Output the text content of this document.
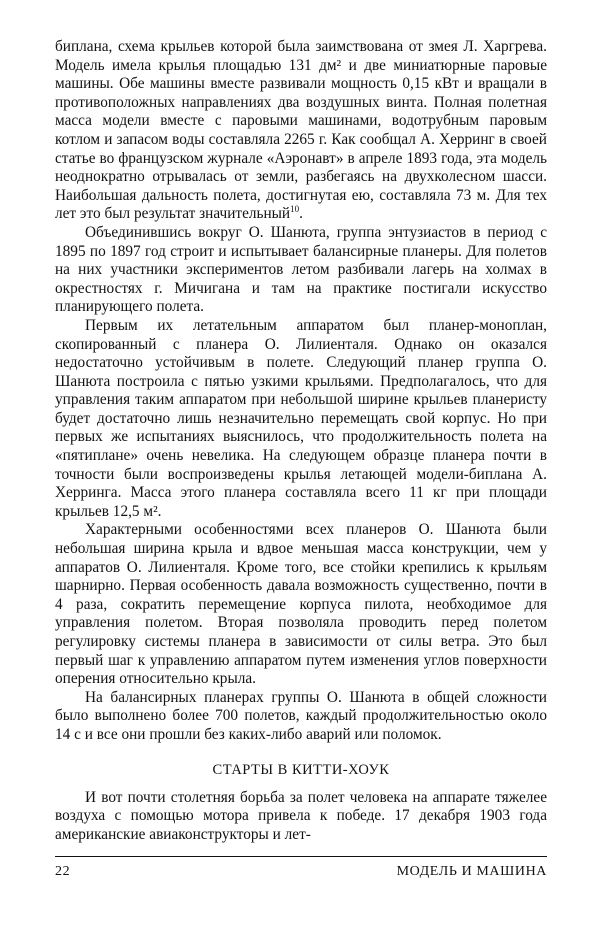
биплана, схема крыльев которой была заимствована от змея Л. Харгрева. Модель имела крылья площадью 131 дм² и две миниатюрные паровые машины. Обе машины вместе развивали мощность 0,15 кВт и вращали в противоположных направлениях два воздушных винта. Полная полетная масса модели вместе с паровыми машинами, водотрубным паровым котлом и запасом воды составляла 2265 г. Как сообщал А. Херринг в своей статье во французском журнале «Аэронавт» в апреле 1893 года, эта модель неоднократно отрывалась от земли, разбегаясь на двухколесном шасси. Наибольшая дальность полета, достигнутая ею, составляла 73 м. Для тех лет это был результат значительный$^{10}$.

Объединившись вокруг О. Шанюта, группа энтузиастов в период с 1895 по 1897 год строит и испытывает балансирные планеры. Для полетов на них участники экспериментов летом разбивали лагерь на холмах в окрестностях г. Мичигана и там на практике постигали искусство планирующего полета.

Первым их летательным аппаратом был планер-моноплан, скопированный с планера О. Лилиенталя. Однако он оказался недостаточно устойчивым в полете. Следующий планер группа О. Шанюта построила с пятью узкими крыльями. Предполагалось, что для управления таким аппаратом при небольшой ширине крыльев планеристу будет достаточно лишь незначительно перемещать свой корпус. Но при первых же испытаниях выяснилось, что продолжительность полета на «пятиплане» очень невелика. На следующем образце планера почти в точности были воспроизведены крылья летающей модели-биплана А. Херринга. Масса этого планера составляла всего 11 кг при площади крыльев 12,5 м².

Характерными особенностями всех планеров О. Шанюта были небольшая ширина крыла и вдвое меньшая масса конструкции, чем у аппаратов О. Лилиенталя. Кроме того, все стойки крепились к крыльям шарнирно. Первая особенность давала возможность существенно, почти в 4 раза, сократить перемещение корпуса пилота, необходимое для управления полетом. Вторая позволяла проводить перед полетом регулировку системы планера в зависимости от силы ветра. Это был первый шаг к управлению аппаратом путем изменения углов поверхности оперения относительно крыла.

На балансирных планерах группы О. Шанюта в общей сложности было выполнено более 700 полетов, каждый продолжительностью около 14 с и все они прошли без каких-либо аварий или поломок.

СТАРТЫ В КИТТИ-ХОУК

И вот почти столетняя борьба за полет человека на аппарате тяжелее воздуха с помощью мотора привела к победе. 17 декабря 1903 года американские авиаконструкторы и лет-

22	МОДЕЛЬ И МАШИНА
